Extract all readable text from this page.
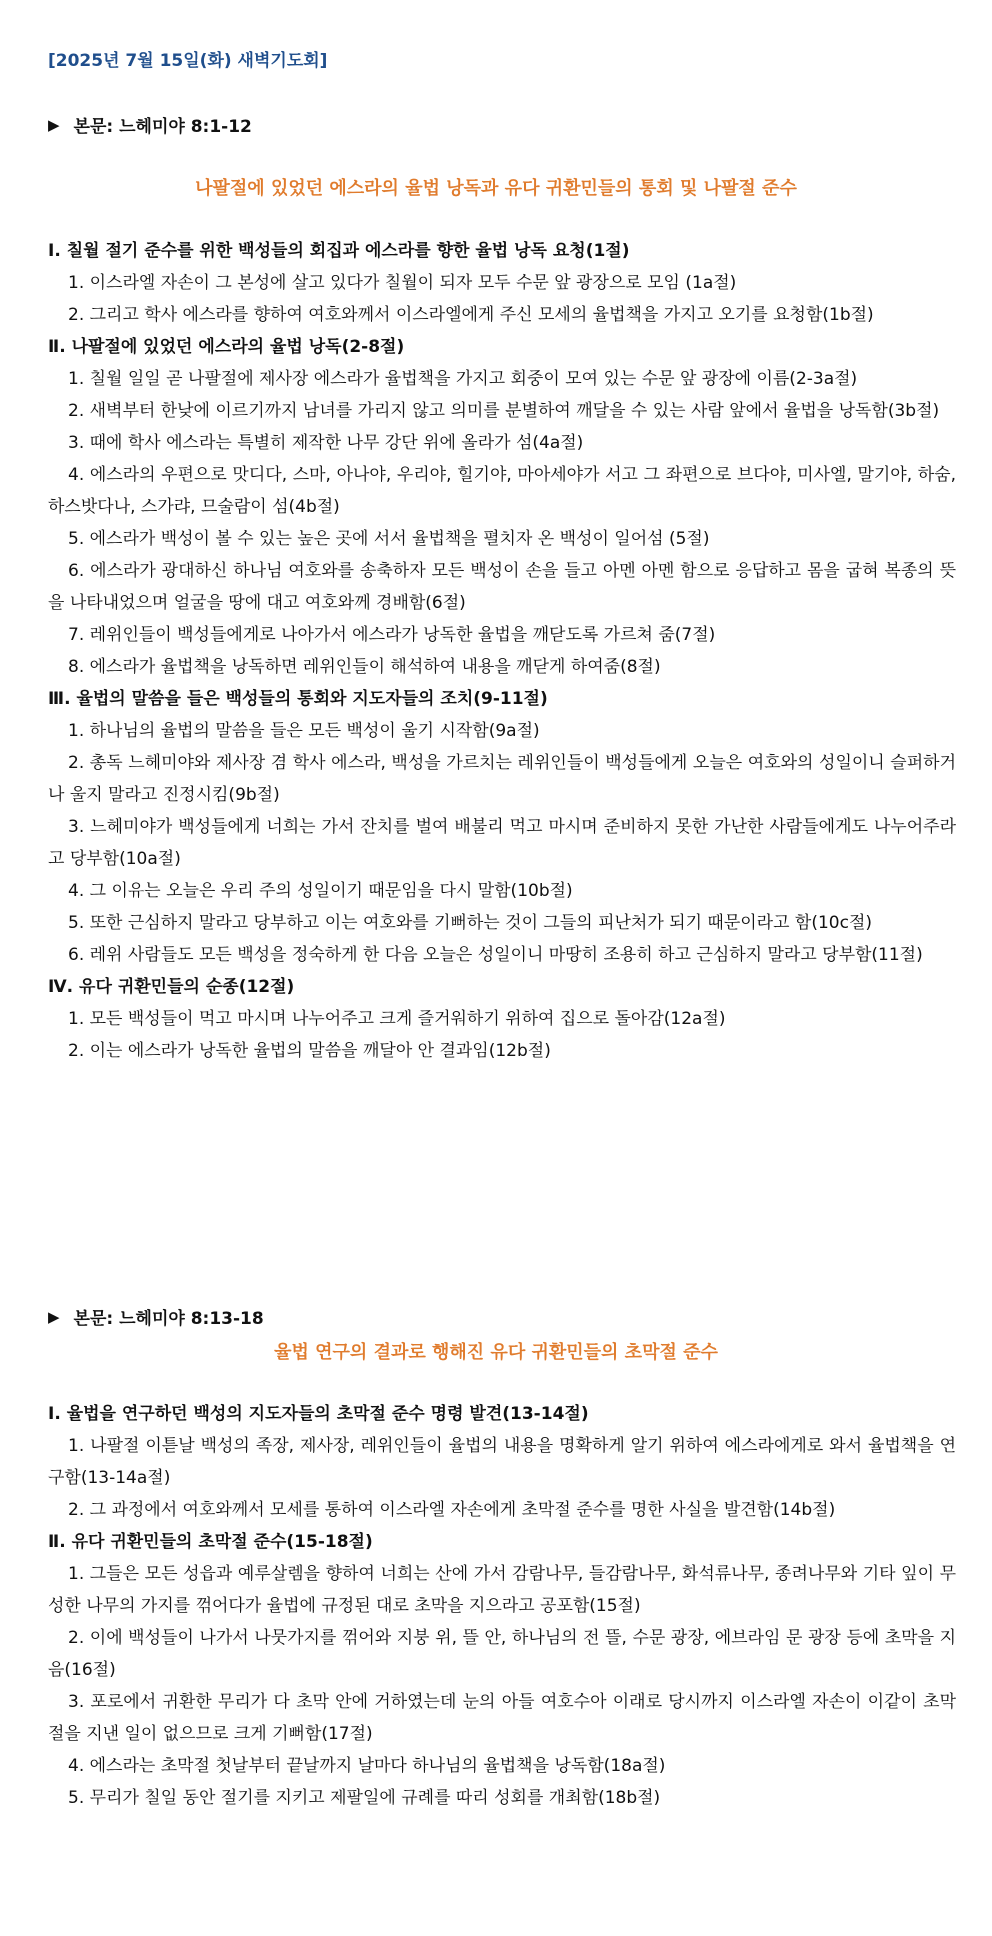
[2025년 7월 15일(화) 새벽기도회]
▶ 본문: 느헤미야 8:1-12
나팔절에 있었던 에스라의 율법 낭독과 유다 귀환민들의 통회 및 나팔절 준수
Ⅰ. 칠월 절기 준수를 위한 백성들의 회집과 에스라를 향한 율법 낭독 요청(1절)
1. 이스라엘 자손이 그 본성에 살고 있다가 칠월이 되자 모두 수문 앞 광장으로 모임 (1a절)
2. 그리고 학사 에스라를 향하여 여호와께서 이스라엘에게 주신 모세의 율법책을 가지고 오기를 요청함(1b절)
Ⅱ. 나팔절에 있었던 에스라의 율법 낭독(2-8절)
1. 칠월 일일 곧 나팔절에 제사장 에스라가 율법책을 가지고 회중이 모여 있는 수문 앞 광장에 이름(2-3a절)
2. 새벽부터 한낮에 이르기까지 남녀를 가리지 않고 의미를 분별하여 깨달을 수 있는 사람 앞에서 율법을 낭독함(3b절)
3. 때에 학사 에스라는 특별히 제작한 나무 강단 위에 올라가 섬(4a절)
4. 에스라의 우편으로 맛디다, 스마, 아나야, 우리야, 힐기야, 마아세야가 서고 그 좌편으로 브다야, 미사엘, 말기야, 하숨, 하스밧다나, 스가랴, 므술람이 섬(4b절)
5. 에스라가 백성이 볼 수 있는 높은 곳에 서서 율법책을 펼치자 온 백성이 일어섬 (5절)
6. 에스라가 광대하신 하나님 여호와를 송축하자 모든 백성이 손을 들고 아멘 아멘 함으로 응답하고 몸을 굽혀 복종의 뜻을 나타내었으며 얼굴을 땅에 대고 여호와께 경배함(6절)
7. 레위인들이 백성들에게로 나아가서 에스라가 낭독한 율법을 깨닫도록 가르쳐 줌(7절)
8. 에스라가 율법책을 낭독하면 레위인들이 해석하여 내용을 깨닫게 하여줌(8절)
Ⅲ. 율법의 말씀을 들은 백성들의 통회와 지도자들의 조치(9-11절)
1. 하나님의 율법의 말씀을 들은 모든 백성이 울기 시작함(9a절)
2. 총독 느헤미야와 제사장 겸 학사 에스라, 백성을 가르치는 레위인들이 백성들에게 오늘은 여호와의 성일이니 슬퍼하거나 울지 말라고 진정시킴(9b절)
3. 느헤미야가 백성들에게 너희는 가서 잔치를 벌여 배불리 먹고 마시며 준비하지 못한 가난한 사람들에게도 나누어주라고 당부함(10a절)
4. 그 이유는 오늘은 우리 주의 성일이기 때문임을 다시 말함(10b절)
5. 또한 근심하지 말라고 당부하고 이는 여호와를 기뻐하는 것이 그들의 피난처가 되기 때문이라고 함(10c절)
6. 레위 사람들도 모든 백성을 정숙하게 한 다음 오늘은 성일이니 마땅히 조용히 하고 근심하지 말라고 당부함(11절)
Ⅳ. 유다 귀환민들의 순종(12절)
1. 모든 백성들이 먹고 마시며 나누어주고 크게 즐거워하기 위하여 집으로 돌아감(12a절)
2. 이는 에스라가 낭독한 율법의 말씀을 깨달아 안 결과임(12b절)
▶ 본문: 느헤미야 8:13-18
율법 연구의 결과로 행해진 유다 귀환민들의 초막절 준수
Ⅰ. 율법을 연구하던 백성의 지도자들의 초막절 준수 명령 발견(13-14절)
1. 나팔절 이튿날 백성의 족장, 제사장, 레위인들이 율법의 내용을 명확하게 알기 위하여 에스라에게로 와서 율법책을 연구함(13-14a절)
2. 그 과정에서 여호와께서 모세를 통하여 이스라엘 자손에게 초막절 준수를 명한 사실을 발견함(14b절)
Ⅱ. 유다 귀환민들의 초막절 준수(15-18절)
1. 그들은 모든 성읍과 예루살렘을 향하여 너희는 산에 가서 감람나무, 들감람나무, 화석류나무, 종려나무와 기타 잎이 무성한 나무의 가지를 꺾어다가 율법에 규정된 대로 초막을 지으라고 공포함(15절)
2. 이에 백성들이 나가서 나뭇가지를 꺾어와 지붕 위, 뜰 안, 하나님의 전 뜰, 수문 광장, 에브라임 문 광장 등에 초막을 지음(16절)
3. 포로에서 귀환한 무리가 다 초막 안에 거하였는데 눈의 아들 여호수아 이래로 당시까지 이스라엘 자손이 이같이 초막절을 지낸 일이 없으므로 크게 기뻐함(17절)
4. 에스라는 초막절 첫날부터 끝날까지 날마다 하나님의 율법책을 낭독함(18a절)
5. 무리가 칠일 동안 절기를 지키고 제팔일에 규례를 따리 성회를 개최함(18b절)
